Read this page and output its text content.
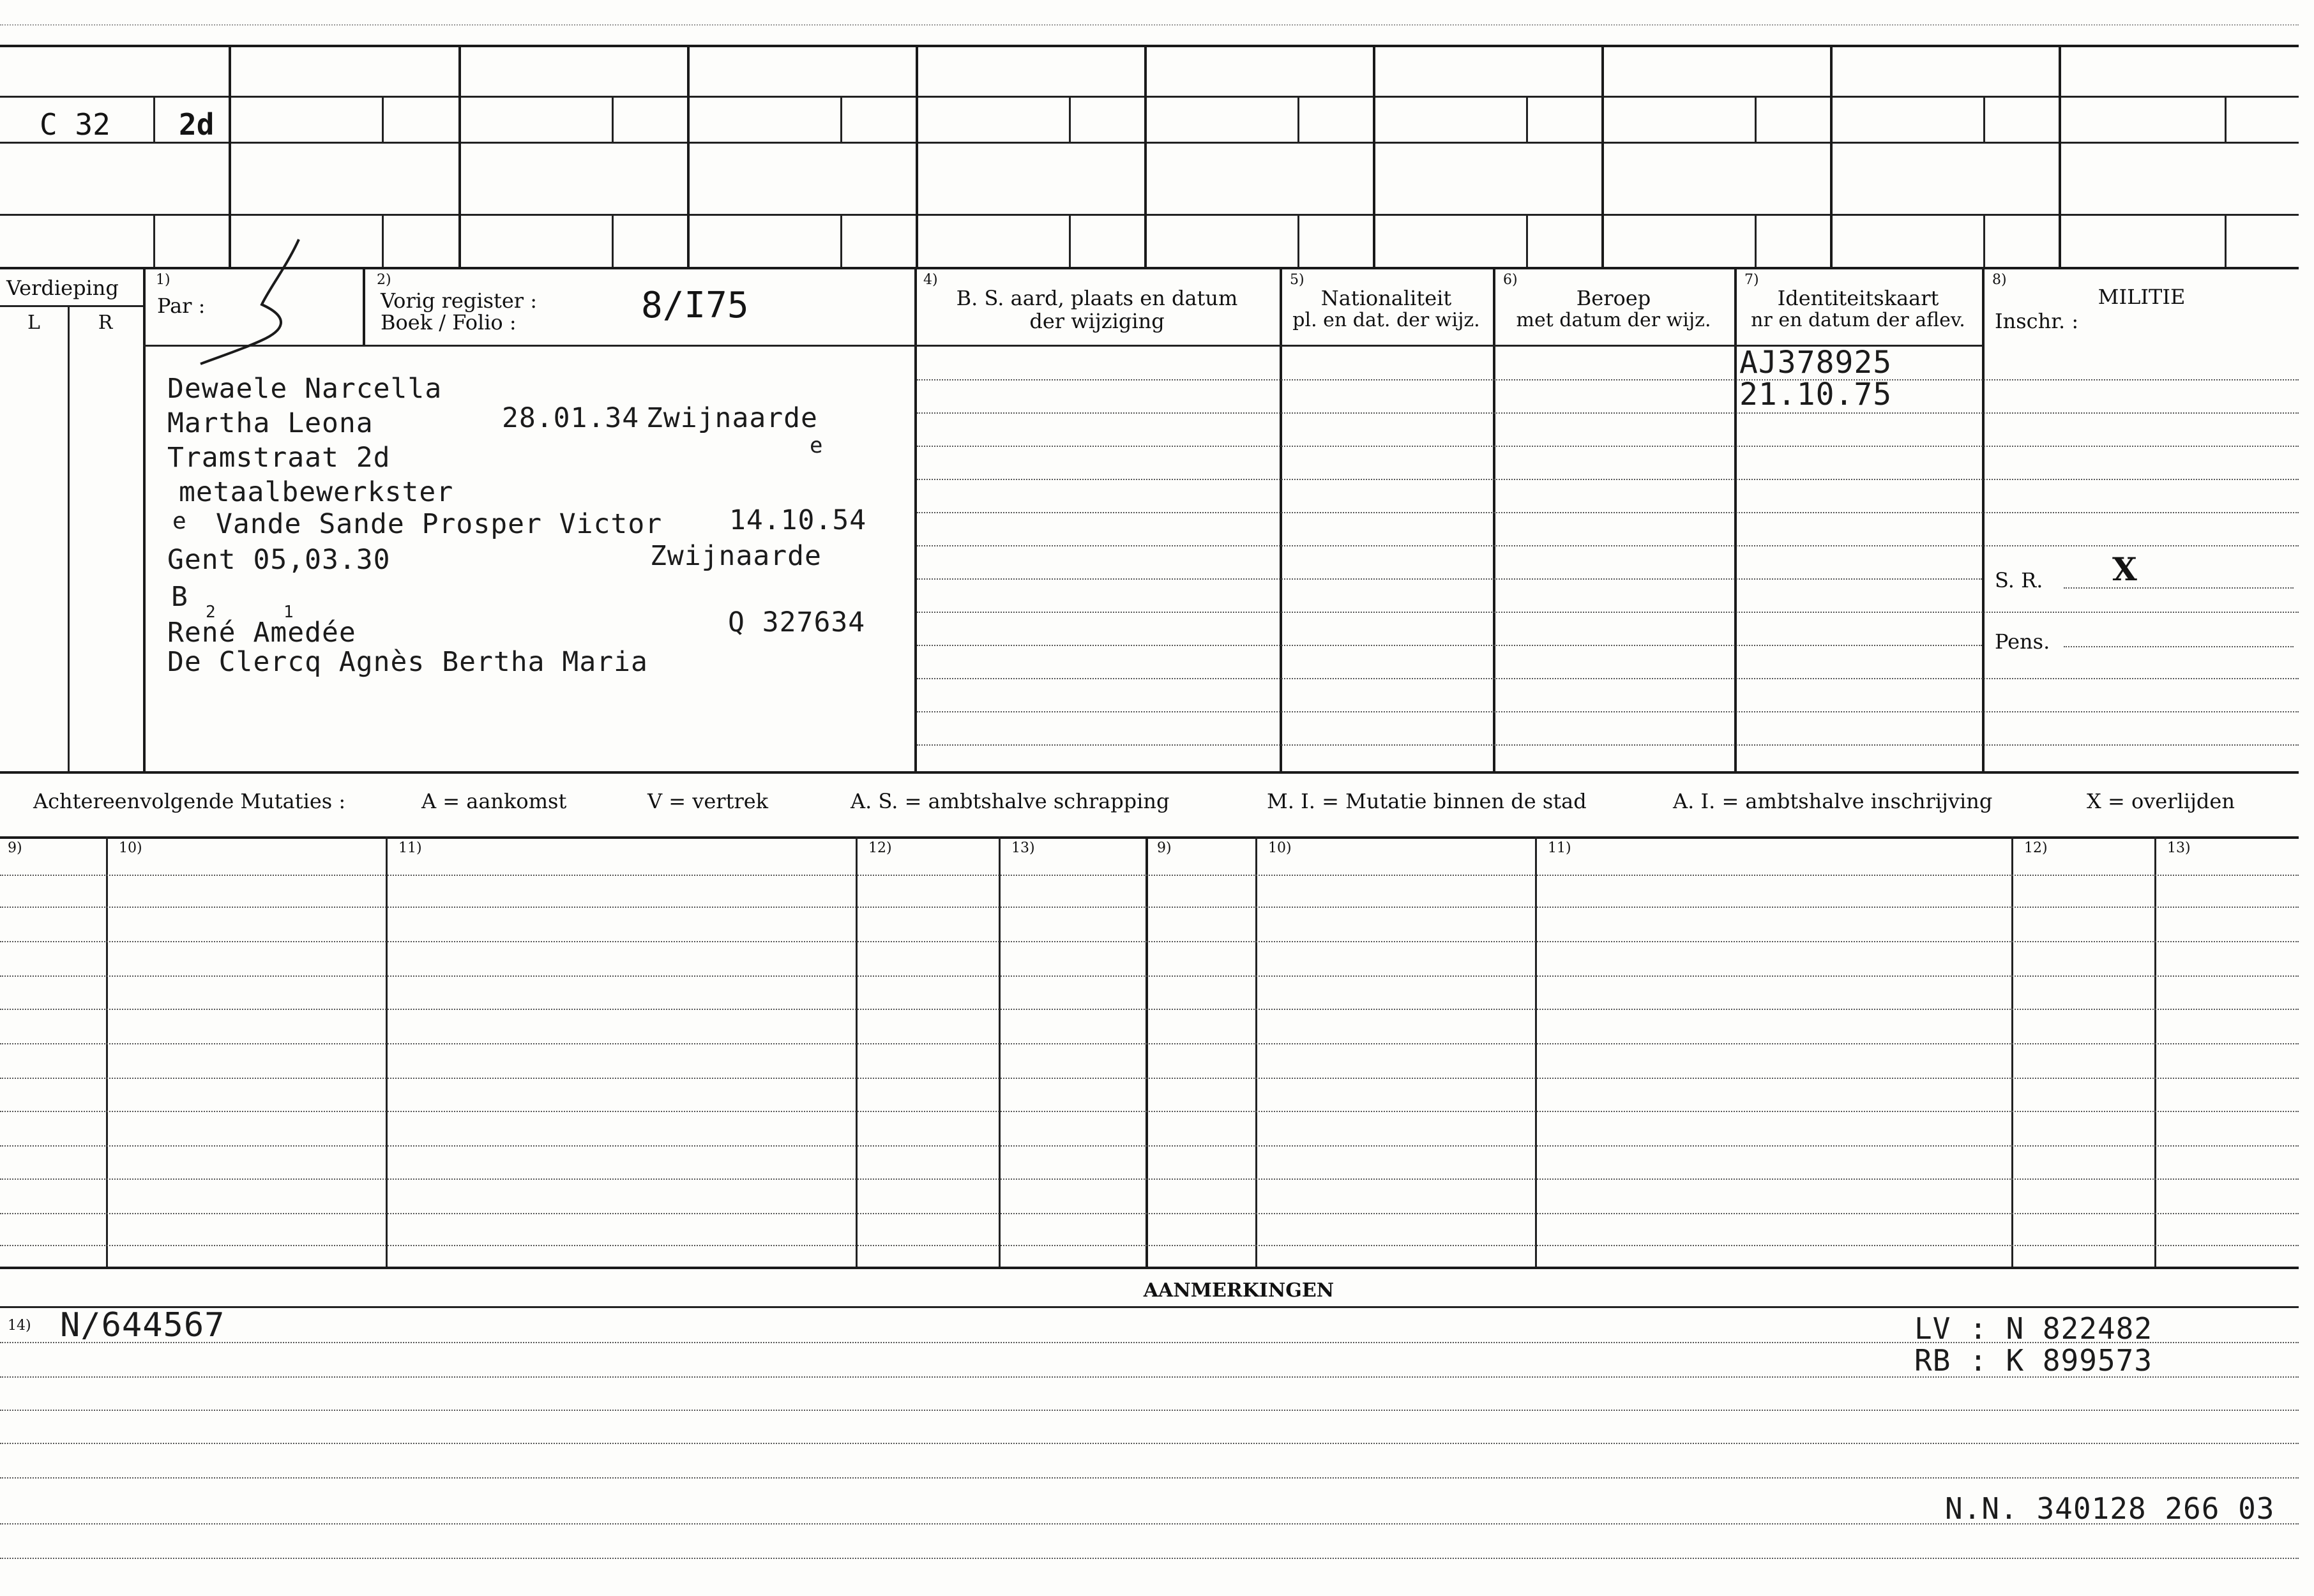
C 32 2d
Verdieping
L	R
1)
Par :
2)
Vorig register :
Boek / Folio :	8/I75
4)
B. S. aard, plaats en datum
der wijziging
5)
Nationaliteit
pl. en dat. der wijz.
6)
Beroep
met datum der wijz.
7)
Identiteitskaart
nr en datum der aflev.
8)
MILITIE
Inschr. :
Dewaele Narcella
Martha Leona	28.01.34 Zwijnaarde
Tramstraat 2d	e
metaalbewerkster
e Vande Sande Prosper Victor 14.10.54
Gent 05,03.30	Zwijnaarde
B 2	1
René Amedée	Q 327634
De Clercq Agnès Bertha Maria
AJ378925
21.10.75
S. R. X
Pens.
Achtereenvolgende Mutaties :	A = aankomst	V = vertrek	A. S. = ambtshalve schrapping	M. I. = Mutatie binnen de stad	A. I. = ambtshalve inschrijving	X = overlijden
9)	10)	11)	12)	13)	9)	10)	11)	12)	13)
AANMERKINGEN
14) N/644567	LV : N 822482
RB : K 899573
N.N. 340128 266 03
